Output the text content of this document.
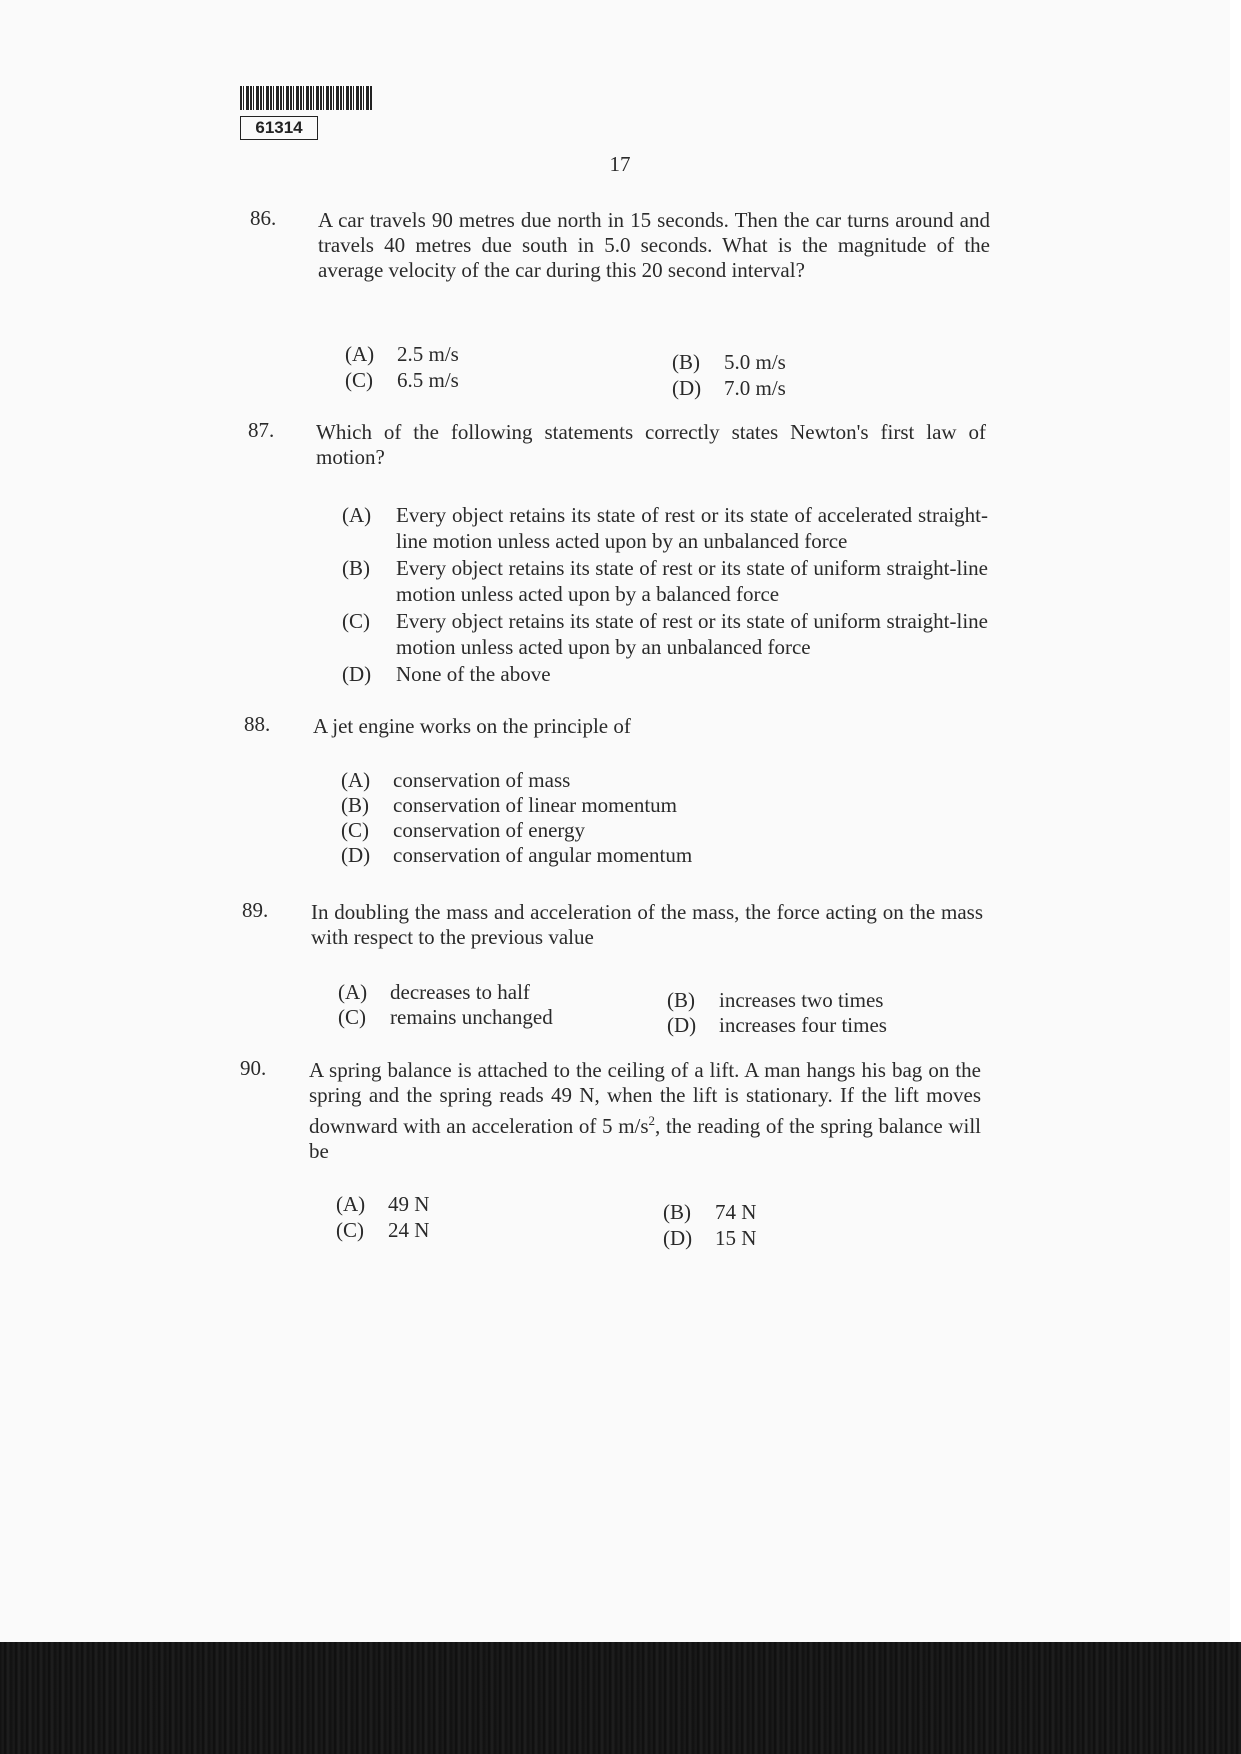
61314
17
86. A car travels 90 metres due north in 15 seconds. Then the car turns around and travels 40 metres due south in 5.0 seconds. What is the magnitude of the average velocity of the car during this 20 second interval?
(A) 2.5 m/s	(B) 5.0 m/s
(C) 6.5 m/s	(D) 7.0 m/s
87. Which of the following statements correctly states Newton's first law of motion?
(A) Every object retains its state of rest or its state of accelerated straight-line motion unless acted upon by an unbalanced force
(B) Every object retains its state of rest or its state of uniform straight-line motion unless acted upon by a balanced force
(C) Every object retains its state of rest or its state of uniform straight-line motion unless acted upon by an unbalanced force
(D) None of the above
88. A jet engine works on the principle of
(A) conservation of mass
(B) conservation of linear momentum
(C) conservation of energy
(D) conservation of angular momentum
89. In doubling the mass and acceleration of the mass, the force acting on the mass with respect to the previous value
(A) decreases to half	(B) increases two times
(C) remains unchanged	(D) increases four times
90. A spring balance is attached to the ceiling of a lift. A man hangs his bag on the spring and the spring reads 49 N, when the lift is stationary. If the lift moves downward with an acceleration of 5 $m/s^2$, the reading of the spring balance will be
(A) 49 N	(B) 74 N
(C) 24 N	(D) 15 N
